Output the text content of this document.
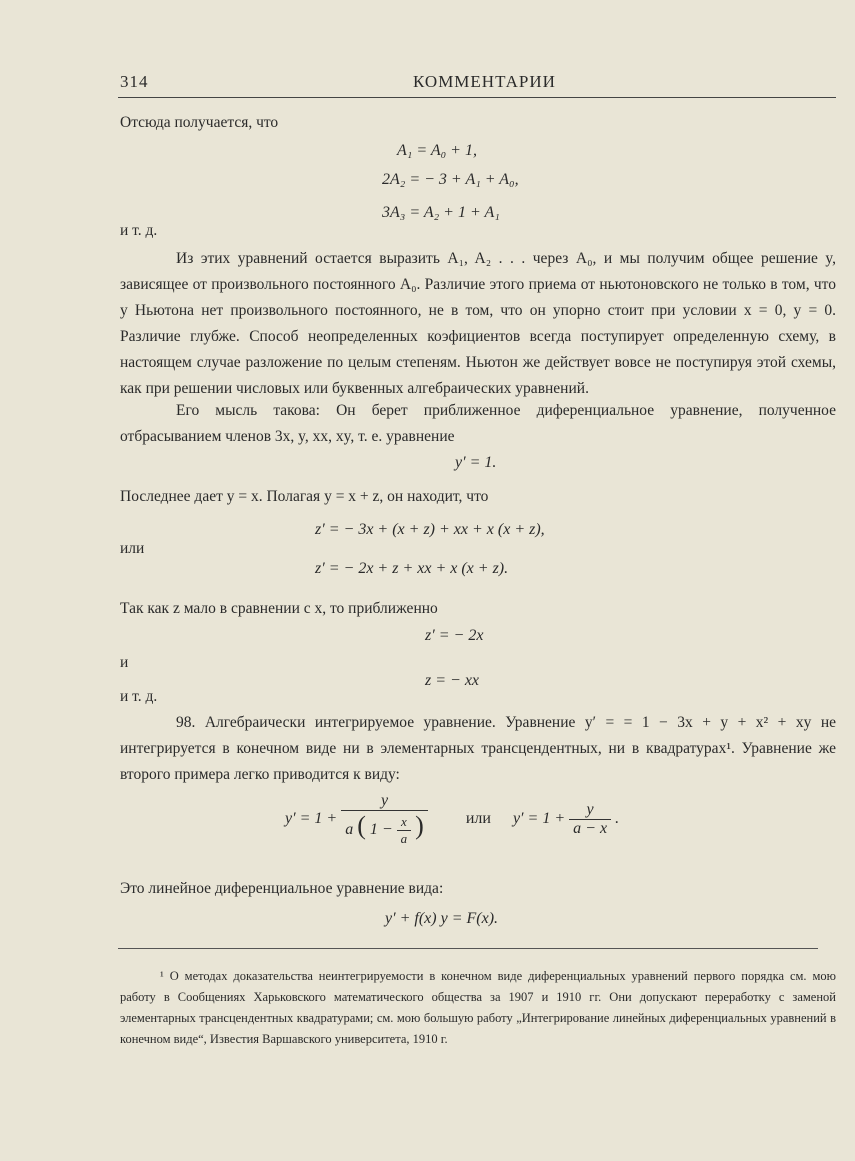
314	КОММЕНТАРИИ
Отсюда получается, что
A₁ = A₀ + 1,
2A₂ = − 3 + A₁ + A₀,
3A₃ = A₂ + 1 + A₁
и т. д.
Из этих уравнений остается выразить A₁, A₂ . . . через A₀, и мы получим общее решение y, зависящее от произвольного постоянного A₀. Различие этого приема от ньютоновского не только в том, что у Ньютона нет произвольного постоянного, не в том, что он упорно стоит при условии x = 0, y = 0. Различие глубже. Способ неопределенных коэфициентов всегда поступирует определенную схему, в настоящем случае разложение по целым степеням. Ньютон же действует вовсе не поступируя этой схемы, как при решении числовых или буквенных алгебраических уравнений.
Его мысль такова: Он берет приближенное диференциальное уравнение, полученное отбрасыванием членов 3x, y, xx, xy, т. е. уравнение
y′ = 1.
Последнее дает y = x. Полагая y = x + z, он находит, что
z′ = − 3x + (x + z) + xx + x (x + z),
или
z′ = − 2x + z + xx + x (x + z).
Так как z мало в сравнении с x, то приближенно
z′ = − 2x
и
z = − xx
и т. д.
98. Алгебраически интегрируемое уравнение. Уравнение y′ = = 1 − 3x + y + x² + xy не интегрируется в конечном виде ни в элементарных трансцендентных, ни в квадратурах¹. Уравнение же второго примера легко приводится к виду:
y′ = 1 +
y
a ( $1 - \frac{x}{a}$ )	или $y' = 1 + \frac{y}{a - x}$ .
Это линейное диференциальное уравнение вида:
y′ + f(x) y = F(x).
¹ О методах доказательства неинтегрируемости в конечном виде диференциальных уравнений первого порядка см. мою работу в Сообщениях Харьковского математического общества за 1907 и 1910 гг. Они допускают переработку с заменой элементарных трансцендентных квадратурами; см. мою большую работу „Интегрирование линейных диференциальных уравнений в конечном виде“, Известия Варшавского университета, 1910 г.
